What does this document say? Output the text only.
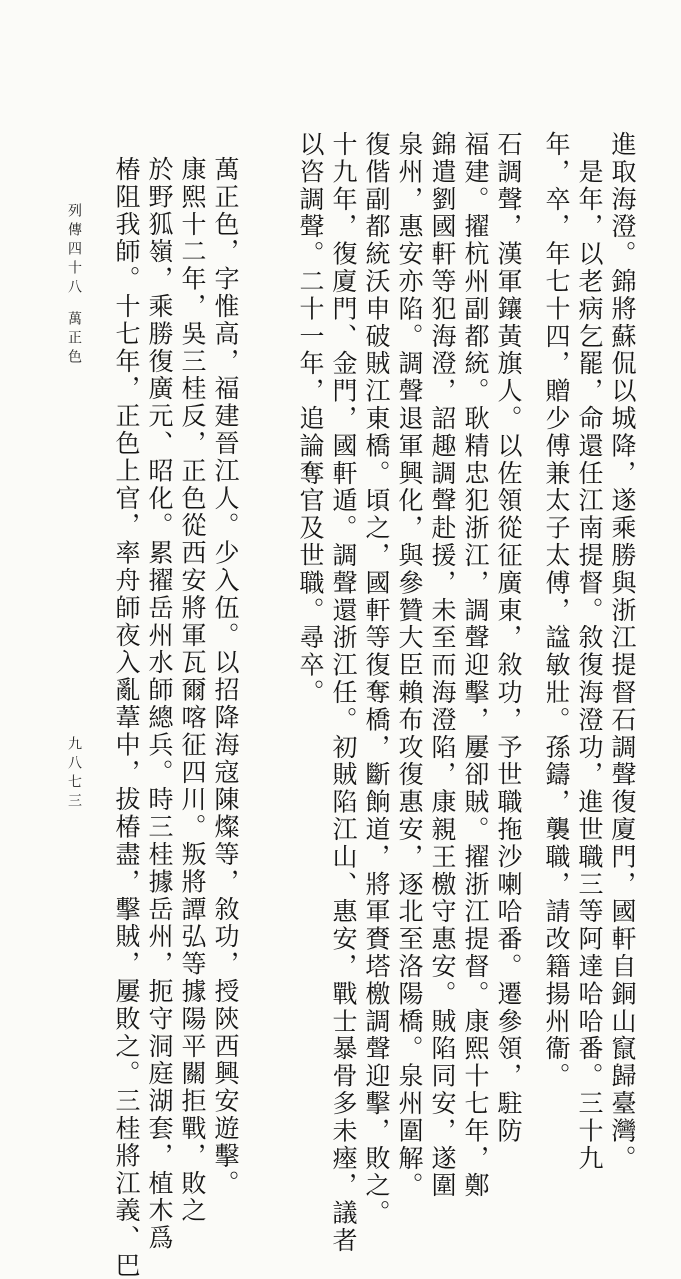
進取海澄。錦將蘇侃以城降，遂乘勝與浙江提督石調聲復廈門，國軒自銅山竄歸臺灣。
　是年，以老病乞罷，命還任江南提督。敘復海澄功，進世職三等阿達哈哈番。三十九
年，卒，年七十四，贈少傅兼太子太傅，諡敏壯。孫鑄，襲職，請改籍揚州衞。
石調聲，漢軍鑲黃旗人。以佐領從征廣東，敘功，予世職拖沙喇哈番。遷參領，駐防
福建。擢杭州副都統。耿精忠犯浙江，調聲迎擊，屢卻賊。擢浙江提督。康熙十七年，鄭
錦遣劉國軒等犯海澄，詔趣調聲赴援，未至而海澄陷，康親王檄守惠安。賊陷同安，遂圍
泉州，惠安亦陷。調聲退軍興化，與參贊大臣賴布攻復惠安，逐北至洛陽橋。泉州圍解。
復偕副都統沃申破賊江東橋。頃之，國軒等復奪橋，斷餉道，將軍賚塔檄調聲迎擊，敗之。
十九年，復廈門、金門，國軒遁。調聲還浙江任。初賊陷江山、惠安，戰士暴骨多未瘞，議者
以咨調聲。二十一年，追論奪官及世職。尋卒。
萬正色，字惟高，福建晉江人。少入伍。以招降海寇陳燦等，敘功，授陝西興安遊擊。
康熙十二年，吳三桂反，正色從西安將軍瓦爾喀征四川。叛將譚弘等據陽平關拒戰，敗之
於野狐嶺，乘勝復廣元、昭化。累擢岳州水師總兵。時三桂據岳州，扼守洞庭湖套，植木爲
椿阻我師。十七年，正色上官，率舟師夜入亂葦中，拔椿盡，擊賊，屢敗之。三桂將江義、巴
列傳四十八
萬正色
九八七三
